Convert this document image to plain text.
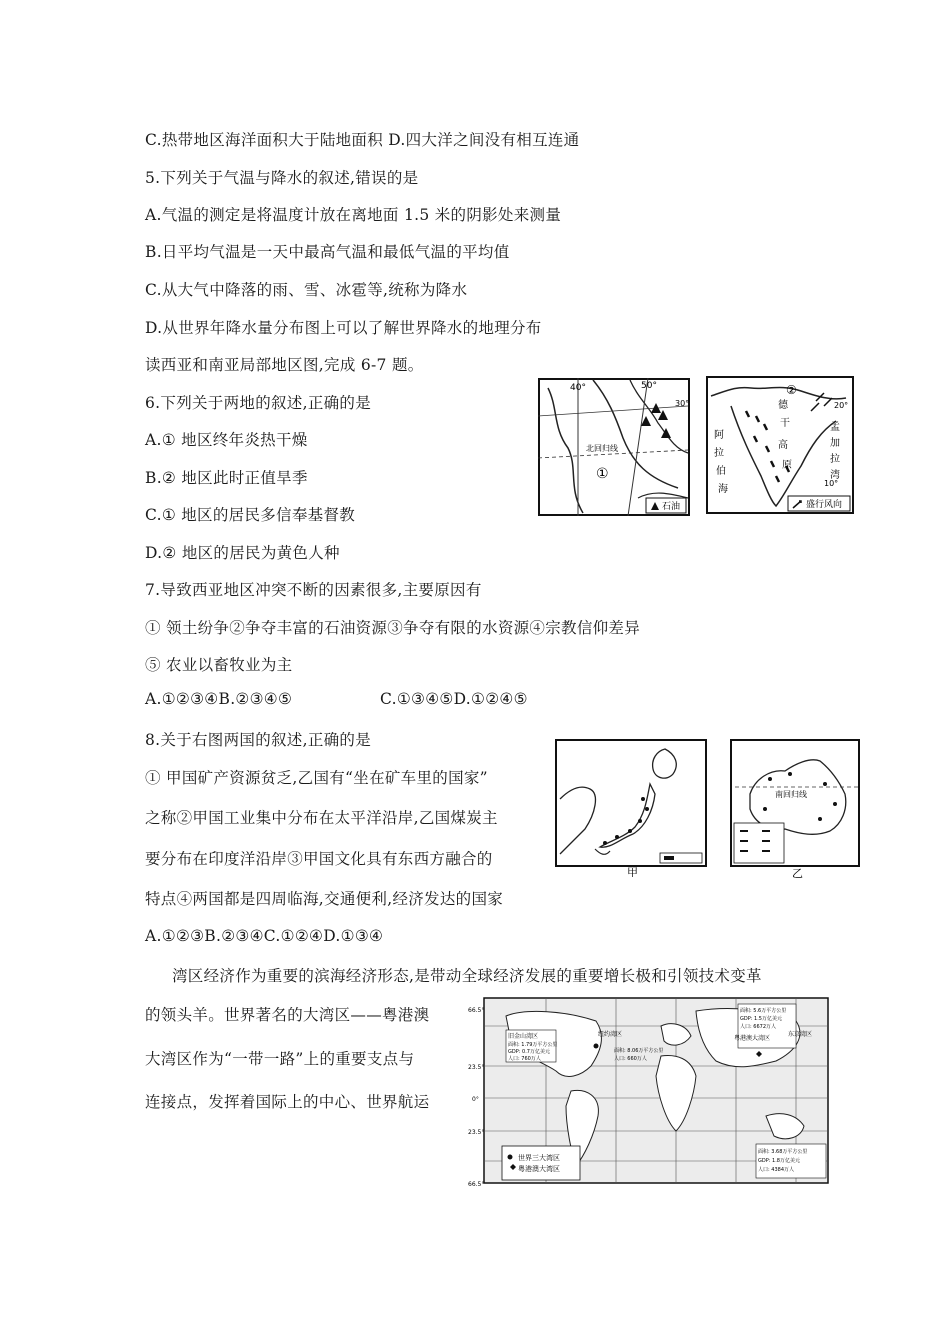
C.热带地区海洋面积大于陆地面积 D.四大洋之间没有相互连通
5.下列关于气温与降水的叙述,错误的是
A.气温的测定是将温度计放在离地面 1.5 米的阴影处来测量
B.日平均气温是一天中最高气温和最低气温的平均值
C.从大气中降落的雨、雪、冰雹等,统称为降水
D.从世界年降水量分布图上可以了解世界降水的地理分布
读西亚和南亚局部地区图,完成 6-7 题。
6.下列关于两地的叙述,正确的是
A.① 地区终年炎热干燥
B.② 地区此时正值旱季
C.① 地区的居民多信奉基督教
D.② 地区的居民为黄色人种
7.导致西亚地区冲突不断的因素很多,主要原因有
① 领土纷争②争夺丰富的石油资源③争夺有限的水资源④宗教信仰差异
⑤ 农业以畜牧业为主
A.①②③④B.②③④⑤	C.①③④⑤D.①②④⑤
8.关于右图两国的叙述,正确的是
① 甲国矿产资源贫乏,乙国有“坐在矿车里的国家”
之称②甲国工业集中分布在太平洋沿岸,乙国煤炭主
要分布在印度洋沿岸③甲国文化具有东西方融合的
特点④两国都是四周临海,交通便利,经济发达的国家
A.①②③B.②③④C.①②④D.①③④
湾区经济作为重要的滨海经济形态,是带动全球经济发展的重要增长极和引领技术变革
的领头羊。世界著名的大湾区——粤港澳
大湾区作为“一带一路”上的重要支点与
连接点，发挥着国际上的中心、世界航运
40°	50°
30°
北回归线
①
石油
②
20°
10°
德
干
高
原
阿
拉
伯
海
孟
加
拉
湾
盛行风向
甲
南回归线
乙
66.5°
23.5°
0°
23.5°
66.5°
纽约湾区
面积: 8.06万平方公里
人口: 660万人
旧金山湾区
面积: 1.79万平方公里
GDP: 0.7万亿美元
人口: 760万人
面积: 5.6万平方公里
GDP: 1.5万亿美元
人口: 6672万人
粤港澳大湾区
东京湾区
面积: 3.68万平方公里
GDP: 1.8万亿美元
人口: 4384万人
世界三大湾区
粤港澳大湾区
